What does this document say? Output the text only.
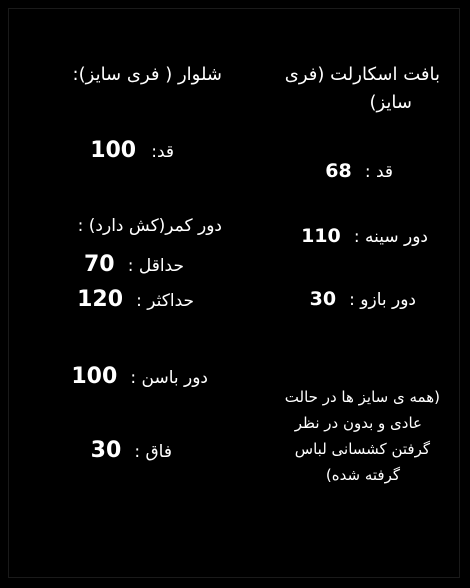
شلوار ( فری سایز):
قد: 100
دور کمر(کش دارد) :
حداقل : 70
حداکثر : 120
دور باسن : 100
فاق : 30
بافت اسکارلت (فری
سایز)
قد : 68
دور سینه : 110
دور بازو : 30
(همه ی سایز ها در حالت
عادی و بدون در نظر
گرفتن کشسانی لباس
گرفته شده)
